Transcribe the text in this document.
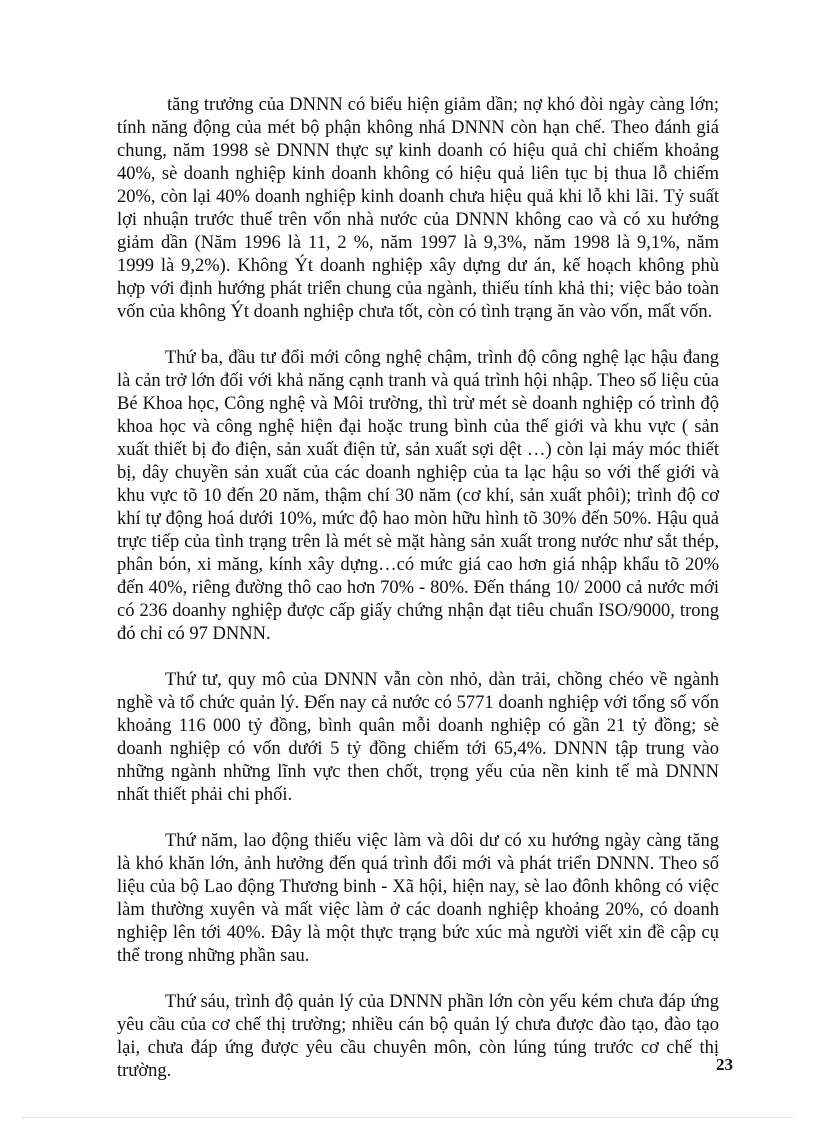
tăng trưởng của DNNN có biểu hiện giảm dần; nợ khó đòi ngày càng lớn; tính năng động của mét bộ phận không nhá DNNN còn hạn chế. Theo đánh giá chung, năm 1998 sè DNNN thực sự kinh doanh có hiệu quả chỉ chiếm khoảng 40%, sè doanh nghiệp kinh doanh không có hiệu quả liên tục bị thua lỗ chiếm 20%, còn lại 40% doanh nghiệp kinh doanh chưa hiệu quả khi lỗ khi lãi. Tỷ suất lợi nhuận trước thuế trên vốn nhà nước của DNNN không cao và có xu hướng giảm dần (Năm 1996 là 11, 2 %, năm 1997 là 9,3%, năm 1998 là 9,1%, năm 1999 là 9,2%). Không Ýt doanh nghiệp xây dựng dư án, kế hoạch không phù hợp với định hướng phát triển chung của ngành, thiếu tính khả thi; việc bảo toàn vốn của không Ýt doanh nghiệp chưa tốt, còn có tình trạng ăn vào vốn, mất vốn.

Thứ ba, đầu tư đổi mới công nghệ chậm, trình độ công nghệ lạc hậu đang là cản trở lớn đối với khả năng cạnh tranh và quá trình hội nhập. Theo số liệu của Bé Khoa học, Công nghệ và Môi trường, thì trừ mét sè doanh nghiệp có trình độ khoa học và công nghệ hiện đại hoặc trung bình của thế giới và khu vực ( sản xuất thiết bị đo điện, sản xuất điện tử, sản xuất sợi dệt …) còn lại máy móc thiết bị, dây chuyền sản xuất của các doanh nghiệp của ta lạc hậu so với thế giới và khu vực tõ 10 đến 20 năm, thậm chí 30 năm (cơ khí, sản xuất phôi); trình độ cơ khí tự động hoá dưới 10%, mức độ hao mòn hữu hình tõ 30% đến 50%. Hậu quả trực tiếp của tình trạng trên là mét sè mặt hàng sản xuất trong nước như sắt thép, phân bón, xi măng, kính xây dựng…có mức giá cao hơn giá nhập khẩu tõ 20% đến 40%, riêng đường thô cao hơn 70% - 80%. Đến tháng 10/ 2000 cả nước mới có 236 doanhy nghiệp được cấp giấy chứng nhận đạt tiêu chuẩn ISO/9000, trong đó chỉ có 97 DNNN.

Thứ tư, quy mô của DNNN vẫn còn nhỏ, dàn trải, chồng chéo về ngành nghề và tổ chức quản lý. Đến nay cả nước có 5771 doanh nghiệp với tổng số vốn khoảng 116 000 tỷ đồng, bình quân mỗi doanh nghiệp có gần 21 tỷ đồng; sè doanh nghiệp có vốn dưới 5 tỷ đồng chiếm tới 65,4%. DNNN tập trung vào những ngành những lĩnh vực then chốt, trọng yếu của nền kinh tế mà DNNN nhất thiết phải chi phối.

Thứ năm, lao động thiếu việc làm và dôi dư có xu hướng ngày càng tăng là khó khăn lớn, ảnh hưởng đến quá trình đổi mới và phát triển DNNN. Theo số liệu của bộ Lao động Thương binh - Xã hội, hiện nay, sè lao đônh không có việc làm thường xuyên và mất việc làm ở các doanh nghiệp khoảng 20%, có doanh nghiệp lên tới 40%. Đây là một thực trạng bức xúc mà người viết xin đề cập cụ thể trong những phần sau.

Thứ sáu, trình độ quản lý của DNNN phần lớn còn yếu kém chưa đáp ứng yêu cầu của cơ chế thị trường; nhiều cán bộ quản lý chưa được đào tạo, đào tạo lại, chưa đáp ứng được yêu cầu chuyên môn, còn lúng túng trước cơ chế thị trường.	23
